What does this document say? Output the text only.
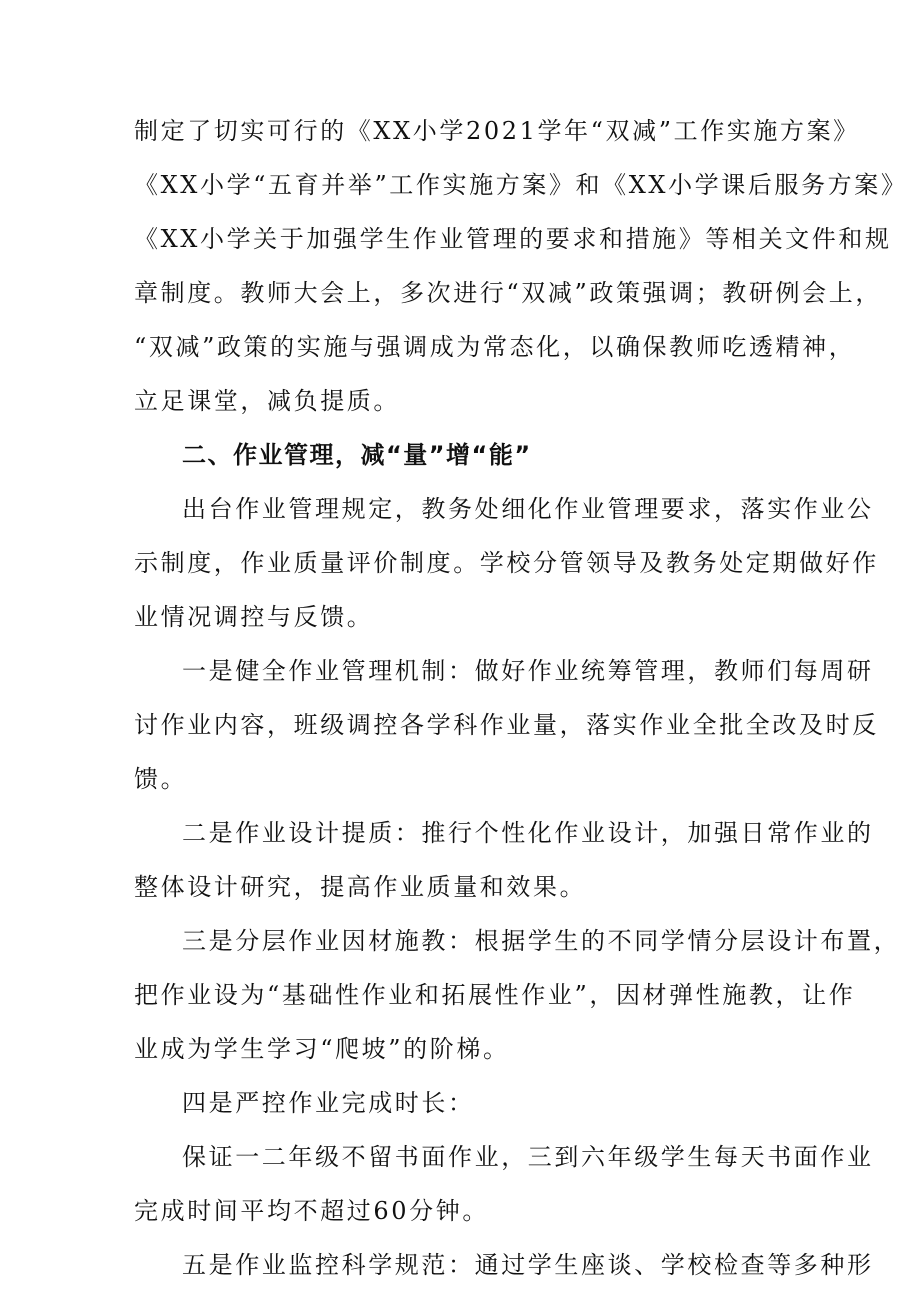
制定了切实可行的《XX小学2021学年“双减”工作实施方案》
《XX小学“五育并举”工作实施方案》和《XX小学课后服务方案》
《XX小学关于加强学生作业管理的要求和措施》等相关文件和规
章制度。教师大会上，多次进行“双减”政策强调；教研例会上，
“双减”政策的实施与强调成为常态化，以确保教师吃透精神，
立足课堂，减负提质。
二、作业管理，减“量”增“能”
出台作业管理规定，教务处细化作业管理要求，落实作业公
示制度，作业质量评价制度。学校分管领导及教务处定期做好作
业情况调控与反馈。
一是健全作业管理机制：做好作业统筹管理，教师们每周研
讨作业内容，班级调控各学科作业量，落实作业全批全改及时反
馈。
二是作业设计提质：推行个性化作业设计，加强日常作业的
整体设计研究，提高作业质量和效果。
三是分层作业因材施教：根据学生的不同学情分层设计布置，
把作业设为“基础性作业和拓展性作业”，因材弹性施教，让作
业成为学生学习“爬坡”的阶梯。
四是严控作业完成时长：
保证一二年级不留书面作业，三到六年级学生每天书面作业
完成时间平均不超过60分钟。
五是作业监控科学规范：通过学生座谈、学校检查等多种形
